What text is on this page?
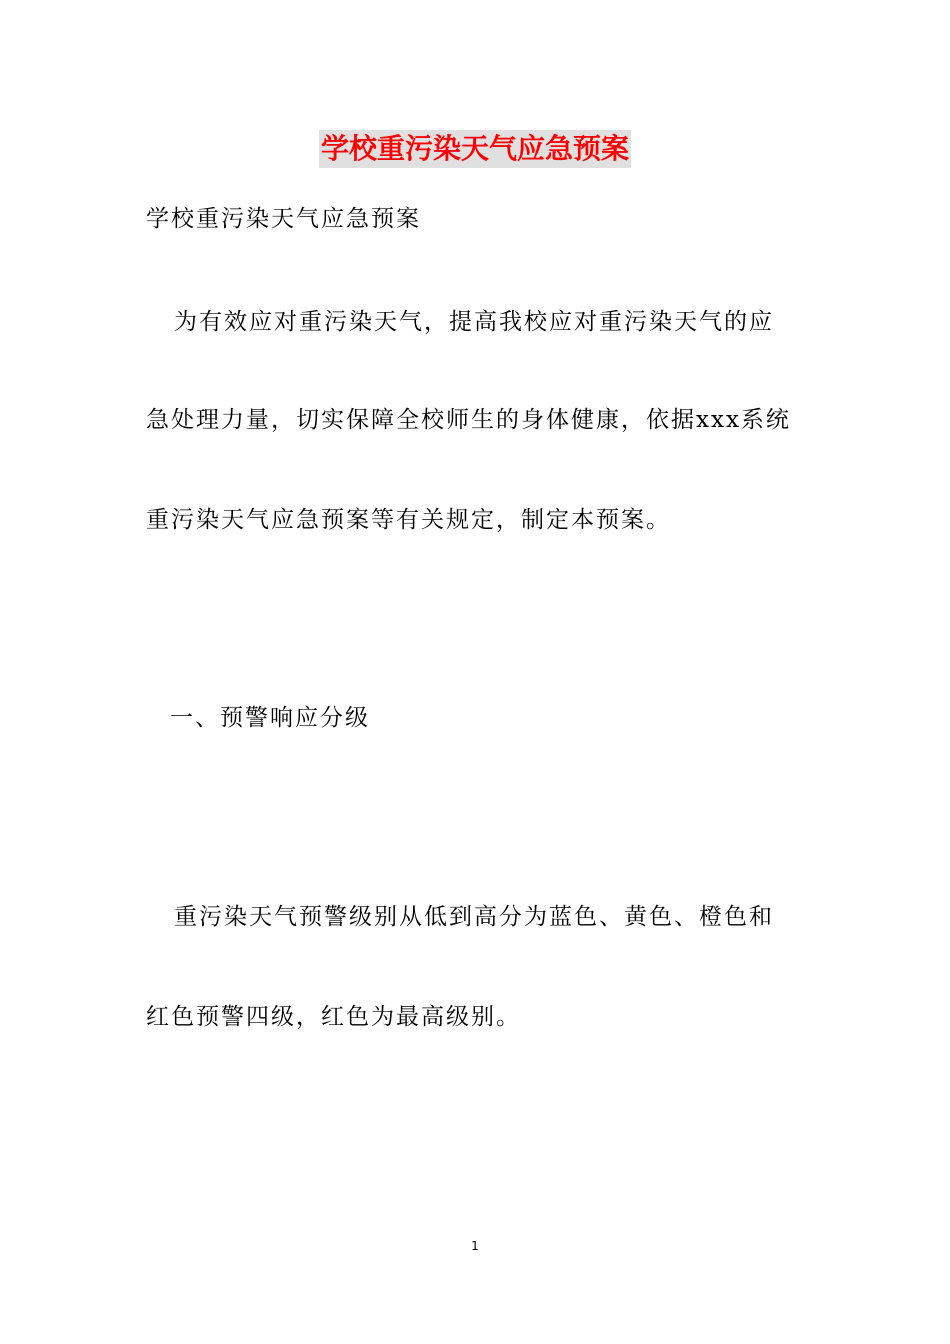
学校重污染天气应急预案
学校重污染天气应急预案
为有效应对重污染天气，提高我校应对重污染天气的应
急处理力量，切实保障全校师生的身体健康，依据xxx系统
重污染天气应急预案等有关规定，制定本预案。
一、预警响应分级
重污染天气预警级别从低到高分为蓝色、黄色、橙色和
红色预警四级，红色为最高级别。
1
